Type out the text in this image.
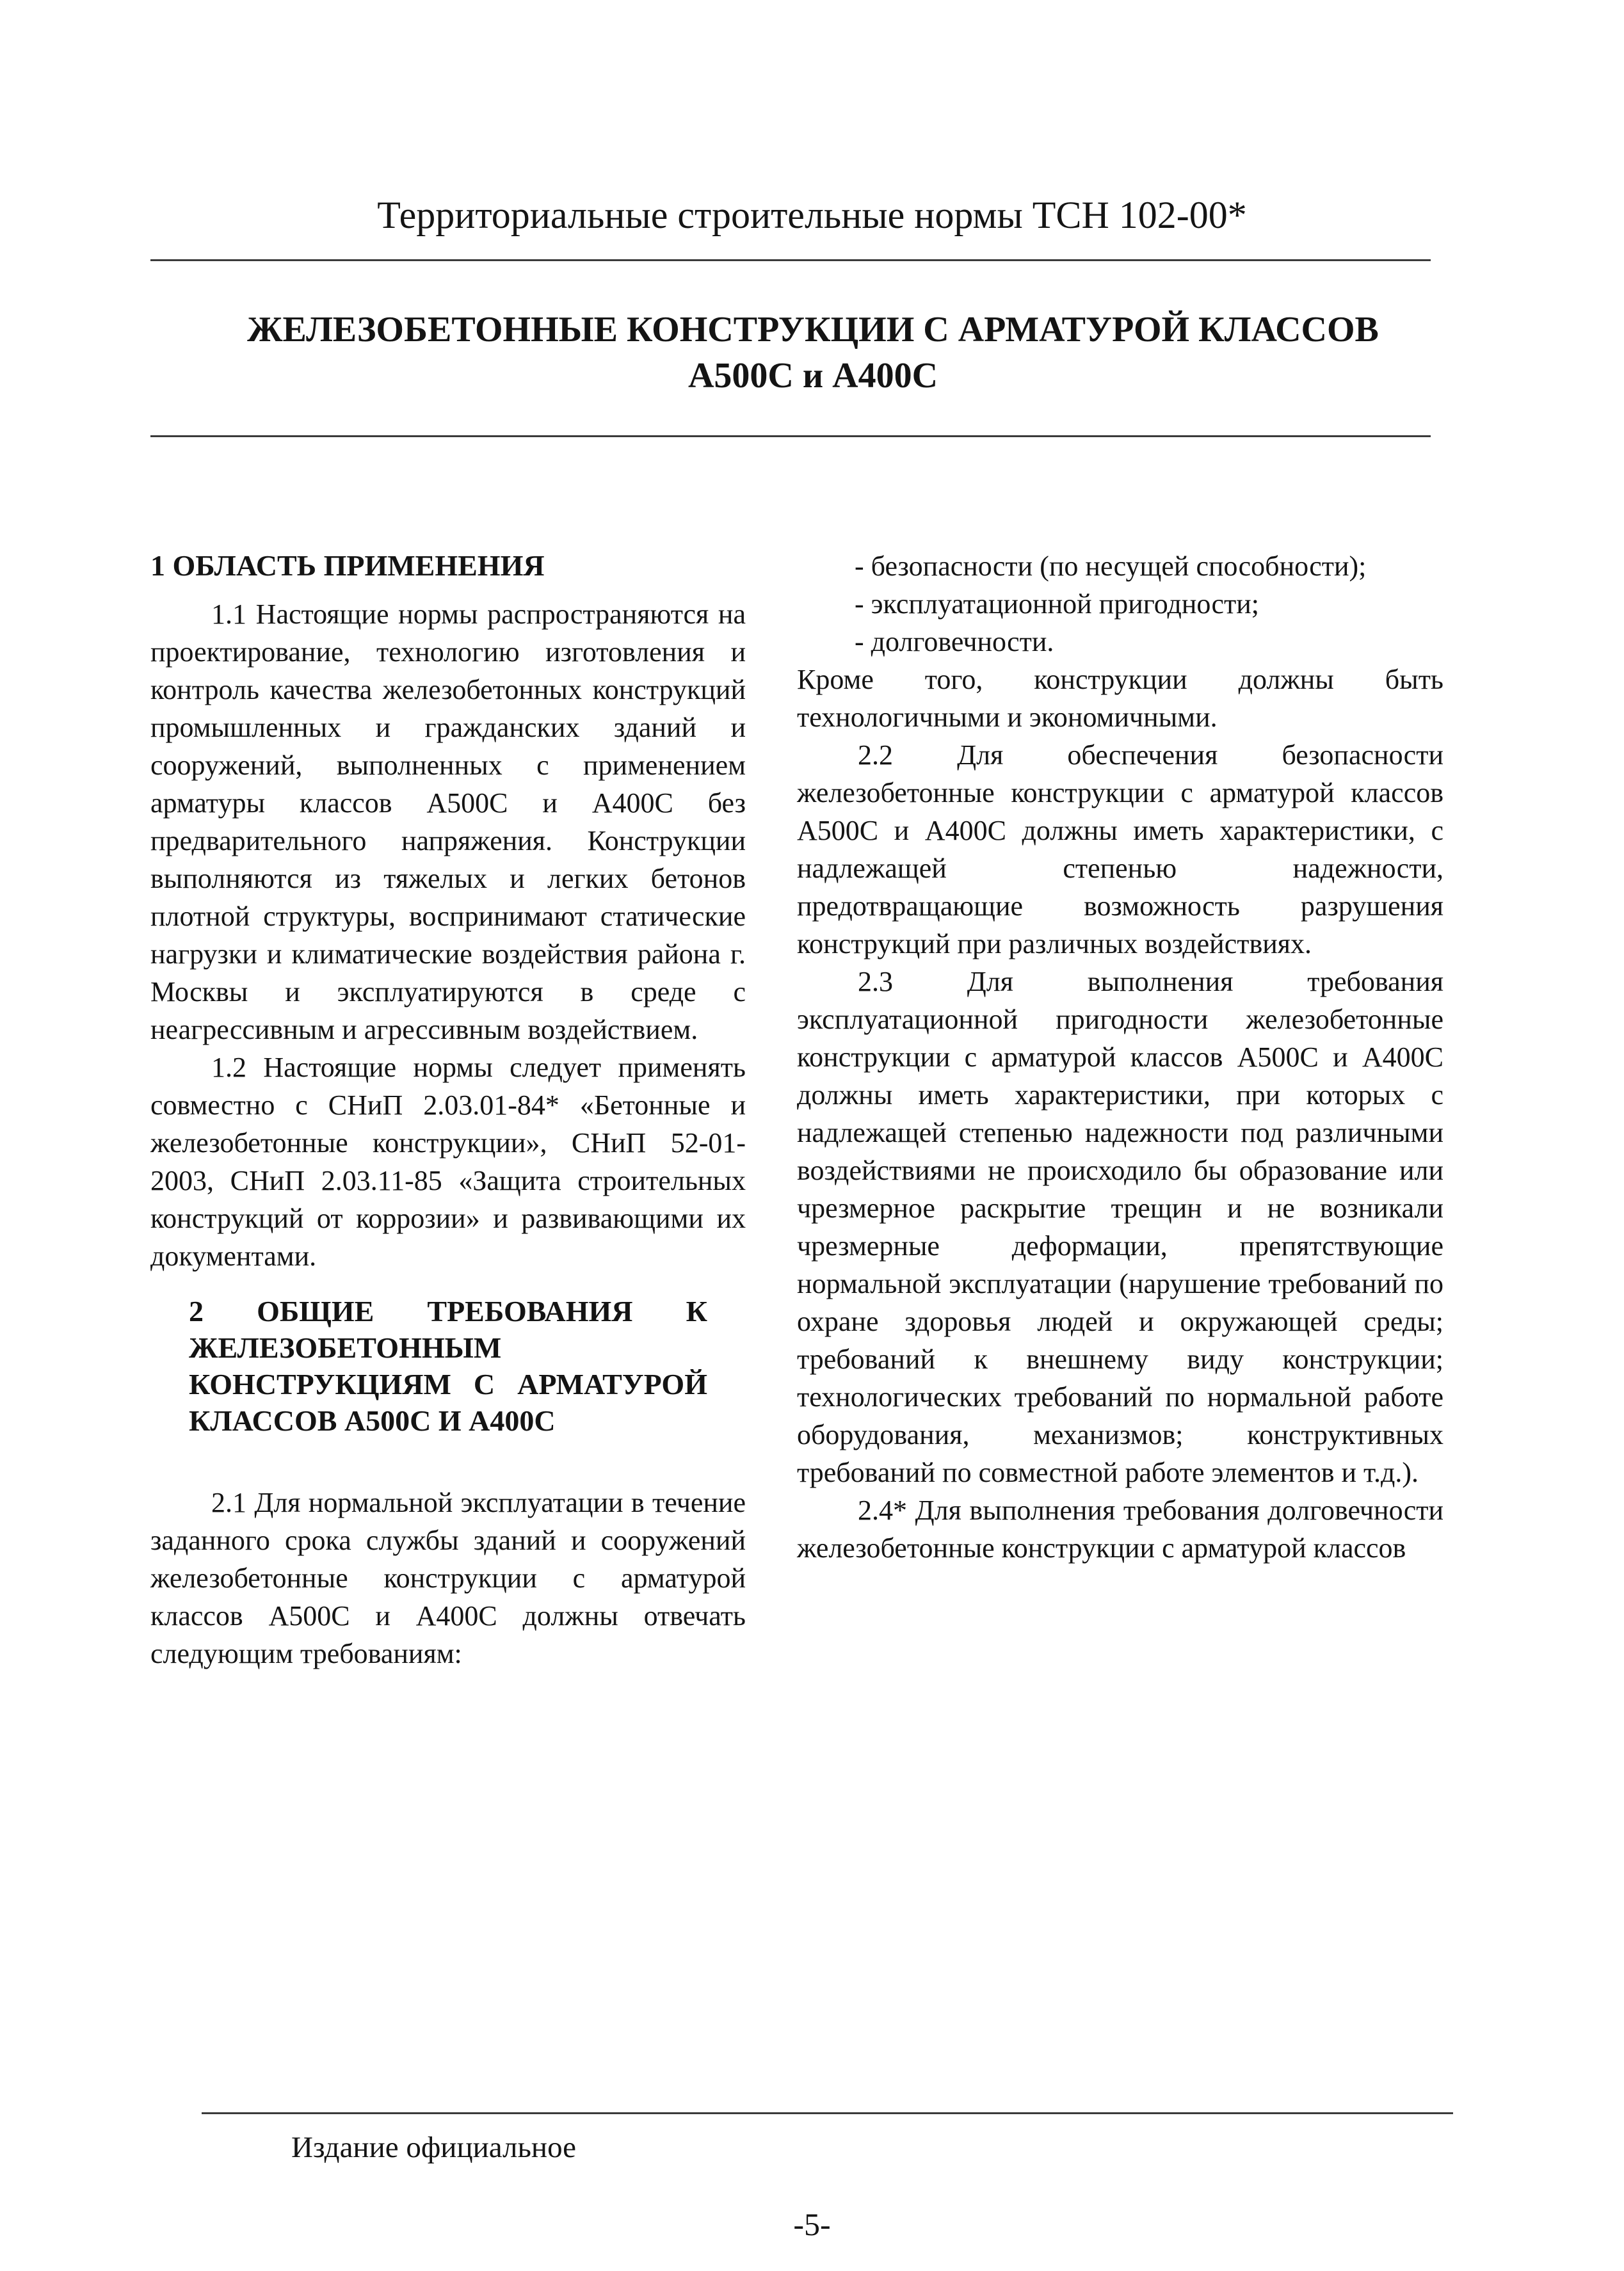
Территориальные строительные нормы ТСН 102-00*
ЖЕЛЕЗОБЕТОННЫЕ КОНСТРУКЦИИ С АРМАТУРОЙ КЛАССОВ
А500С и А400С

1 ОБЛАСТЬ ПРИМЕНЕНИЯ

1.1 Настоящие нормы распространяются на проектирование, технологию изготовления и контроль качества железобетонных конструкций промышленных и гражданских зданий и сооружений, выполненных с применением арматуры классов А500С и А400С без предварительного напряжения. Конструкции выполняются из тяжелых и легких бетонов плотной структуры, воспринимают статические нагрузки и климатические воздействия района г. Москвы и эксплуатируются в среде с неагрессивным и агрессивным воздействием.

1.2 Настоящие нормы следует применять совместно с СНиП 2.03.01-84* «Бетонные и железобетонные конструкции», СНиП 52-01-2003, СНиП 2.03.11-85 «Защита строительных конструкций от коррозии» и развивающими их документами.

2 ОБЩИЕ ТРЕБОВАНИЯ К ЖЕЛЕЗОБЕТОННЫМ КОНСТРУКЦИЯМ С АРМАТУРОЙ КЛАССОВ А500С И А400С

2.1 Для нормальной эксплуатации в течение заданного срока службы зданий и сооружений железобетонные конструкции с арматурой классов А500С и А400С должны отвечать следующим требованиям:

- безопасности (по несущей способности);

- эксплуатационной пригодности;

- долговечности.

Кроме того, конструкции должны быть технологичными и экономичными.

2.2 Для обеспечения безопасности железобетонные конструкции с арматурой классов А500С и А400С должны иметь характеристики, с надлежащей степенью надежности, предотвращающие возможность разрушения конструкций при различных воздействиях.

2.3 Для выполнения требования эксплуатационной пригодности железобетонные конструкции с арматурой классов А500С и А400С должны иметь характеристики, при которых с надлежащей степенью надежности под различными воздействиями не происходило бы образование или чрезмерное раскрытие трещин и не возникали чрезмерные деформации, препятствующие нормальной эксплуатации (нарушение требований по охране здоровья людей и окружающей среды; требований к внешнему виду конструкции; технологических требований по нормальной работе оборудования, механизмов; конструктивных требований по совместной работе элементов и т.д.).

2.4* Для выполнения требования долговечности железобетонные конструкции с арматурой классов

Издание официальное
-5-
